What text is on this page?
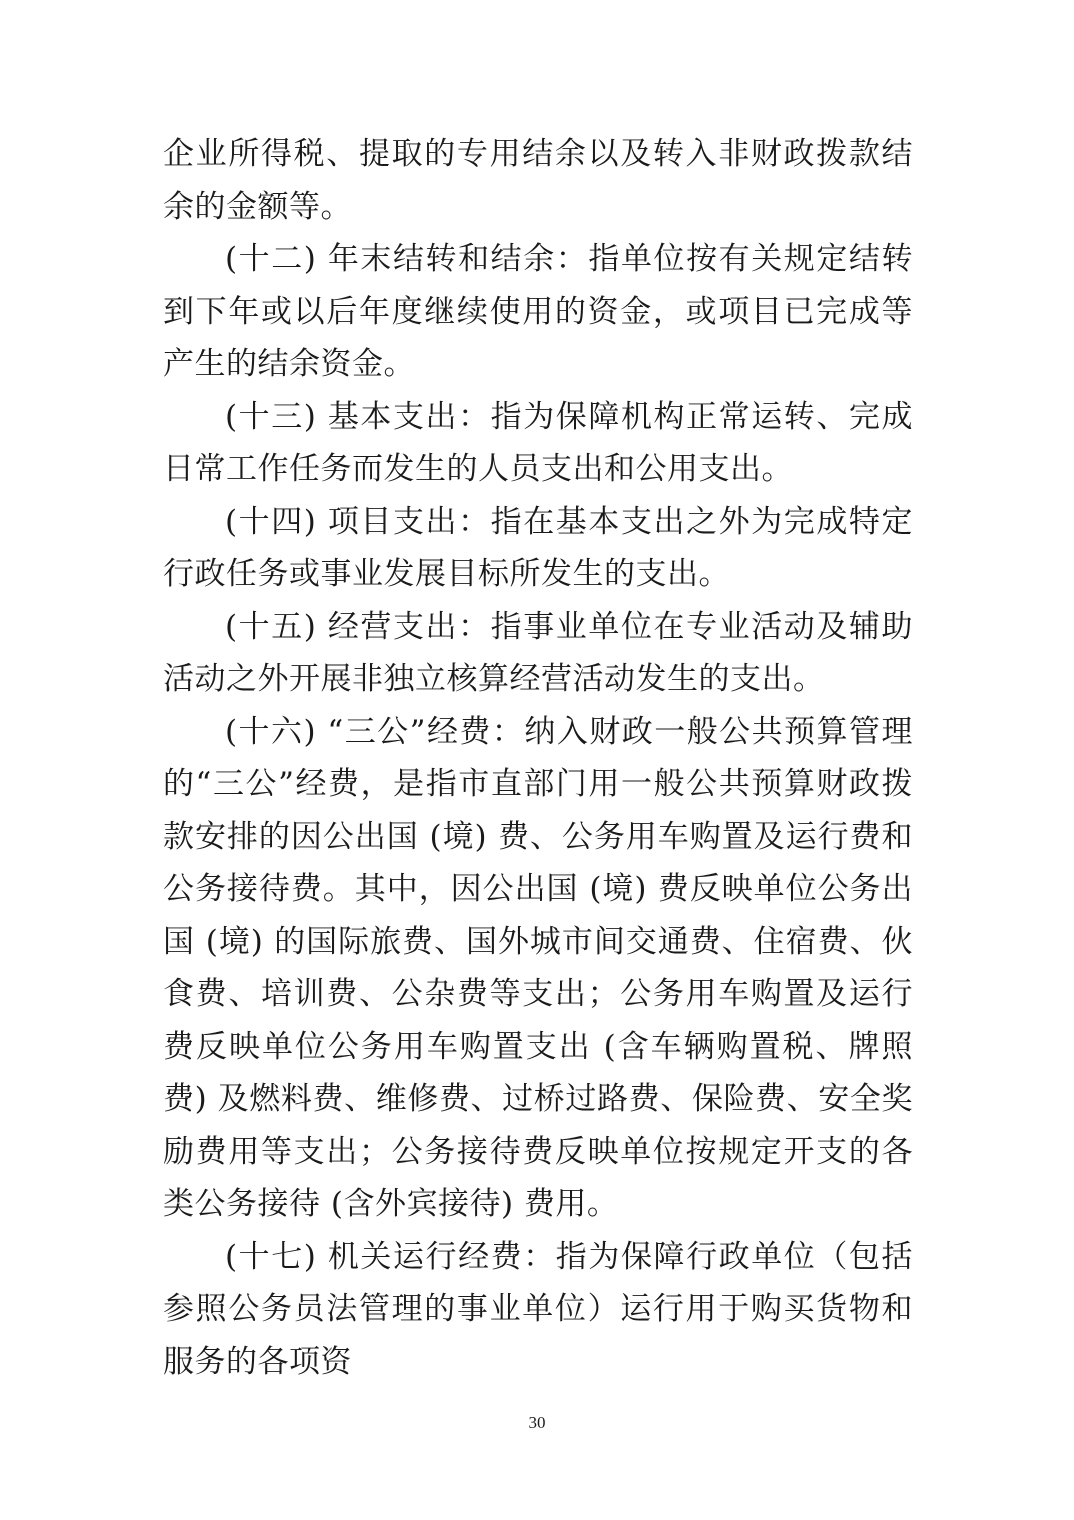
企业所得税、提取的专用结余以及转入非财政拨款结余的金额等。

(十二) 年末结转和结余：指单位按有关规定结转到下年或以后年度继续使用的资金，或项目已完成等产生的结余资金。

(十三) 基本支出：指为保障机构正常运转、完成日常工作任务而发生的人员支出和公用支出。

(十四) 项目支出：指在基本支出之外为完成特定行政任务或事业发展目标所发生的支出。

(十五) 经营支出：指事业单位在专业活动及辅助活动之外开展非独立核算经营活动发生的支出。

(十六) “三公”经费：纳入财政一般公共预算管理的“三公”经费，是指市直部门用一般公共预算财政拨款安排的因公出国 (境) 费、公务用车购置及运行费和公务接待费。其中，因公出国 (境) 费反映单位公务出国 (境) 的国际旅费、国外城市间交通费、住宿费、伙食费、培训费、公杂费等支出；公务用车购置及运行费反映单位公务用车购置支出 (含车辆购置税、牌照费) 及燃料费、维修费、过桥过路费、保险费、安全奖励费用等支出；公务接待费反映单位按规定开支的各类公务接待 (含外宾接待) 费用。

(十七) 机关运行经费：指为保障行政单位（包括参照公务员法管理的事业单位）运行用于购买货物和服务的各项资

30
